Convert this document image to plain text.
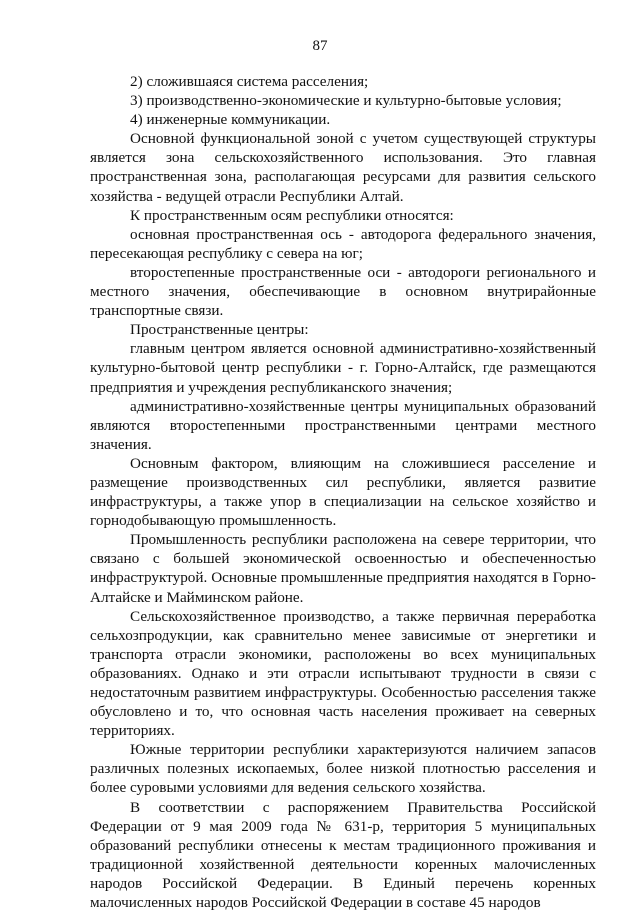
87

2) сложившаяся система расселения;

3) производственно-экономические и культурно-бытовые условия;

4) инженерные коммуникации.

Основной функциональной зоной с учетом существующей структуры является зона сельскохозяйственного использования. Это главная пространственная зона, располагающая ресурсами для развития сельского хозяйства - ведущей отрасли Республики Алтай.

К пространственным осям республики относятся:

основная пространственная ось - автодорога федерального значения, пересекающая республику с севера на юг;

второстепенные пространственные оси - автодороги регионального и местного значения, обеспечивающие в основном внутрирайонные транспортные связи.

Пространственные центры:

главным центром является основной административно-хозяйственный культурно-бытовой центр республики - г. Горно-Алтайск, где размещаются предприятия и учреждения республиканского значения;

административно-хозяйственные центры муниципальных образований являются второстепенными пространственными центрами местного значения.

Основным фактором, влияющим на сложившиеся расселение и размещение производственных сил республики, является развитие инфраструктуры, а также упор в специализации на сельское хозяйство и горнодобывающую промышленность.

Промышленность республики расположена на севере территории, что связано с большей экономической освоенностью и обеспеченностью инфраструктурой. Основные промышленные предприятия находятся в Горно-Алтайске и Майминском районе.

Сельскохозяйственное производство, а также первичная переработка сельхозпродукции, как сравнительно менее зависимые от энергетики и транспорта отрасли экономики, расположены во всех муниципальных образованиях. Однако и эти отрасли испытывают трудности в связи с недостаточным развитием инфраструктуры. Особенностью расселения также обусловлено и то, что основная часть населения проживает на северных территориях.

Южные территории республики характеризуются наличием запасов различных полезных ископаемых, более низкой плотностью расселения и более суровыми условиями для ведения сельского хозяйства.

В соответствии с распоряжением Правительства Российской Федерации от 9 мая 2009 года № 631-р, территория 5 муниципальных образований республики отнесены к местам традиционного проживания и традиционной хозяйственной деятельности коренных малочисленных народов Российской Федерации. В Единый перечень коренных малочисленных народов Российской Федерации в составе 45 народов
